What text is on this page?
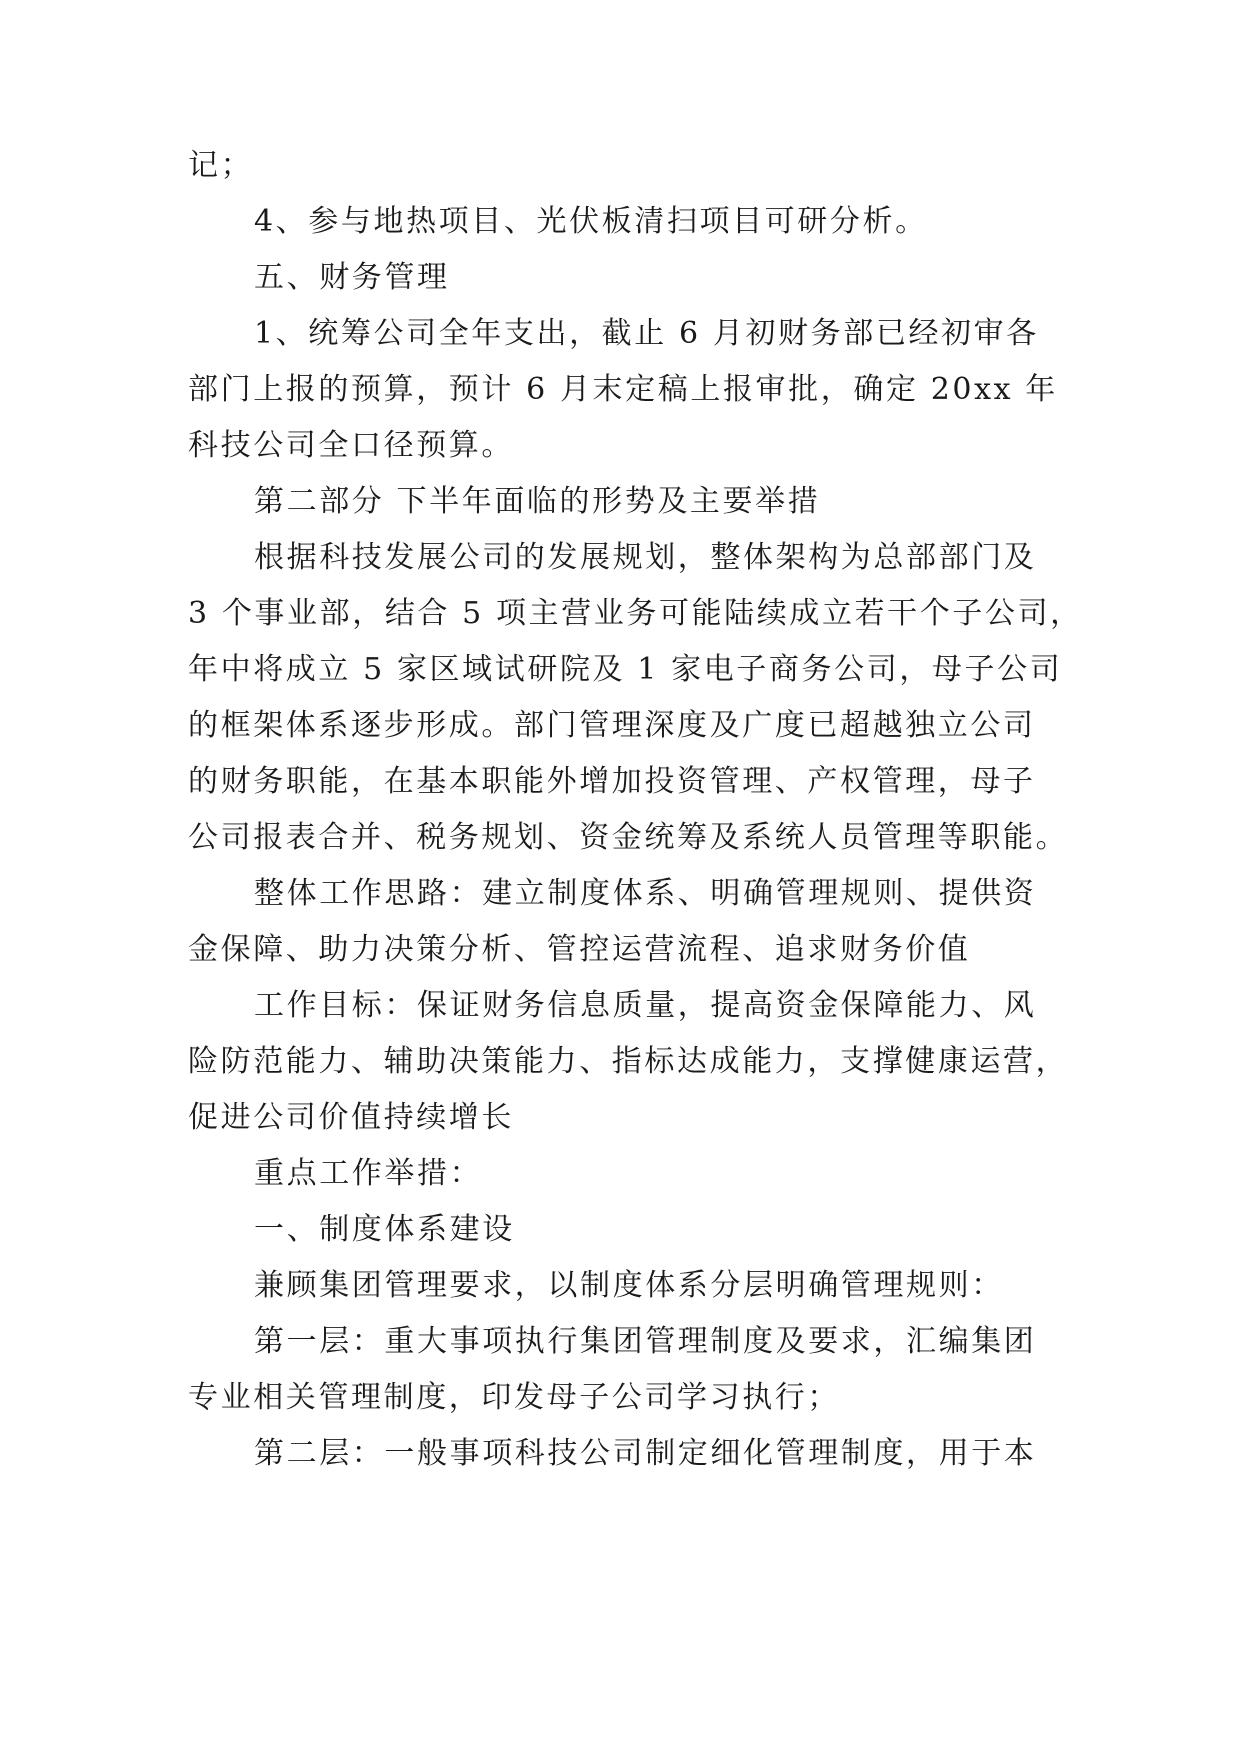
记；
4、参与地热项目、光伏板清扫项目可研分析。
五、财务管理
1、统筹公司全年支出，截止 6 月初财务部已经初审各
部门上报的预算，预计 6 月末定稿上报审批，确定 20xx 年
科技公司全口径预算。
第二部分 下半年面临的形势及主要举措
根据科技发展公司的发展规划，整体架构为总部部门及
3 个事业部，结合 5 项主营业务可能陆续成立若干个子公司，
年中将成立 5 家区域试研院及 1 家电子商务公司，母子公司
的框架体系逐步形成。部门管理深度及广度已超越独立公司
的财务职能，在基本职能外增加投资管理、产权管理，母子
公司报表合并、税务规划、资金统筹及系统人员管理等职能。
整体工作思路：建立制度体系、明确管理规则、提供资
金保障、助力决策分析、管控运营流程、追求财务价值
工作目标：保证财务信息质量，提高资金保障能力、风
险防范能力、辅助决策能力、指标达成能力，支撑健康运营，
促进公司价值持续增长
重点工作举措：
一、制度体系建设
兼顾集团管理要求，以制度体系分层明确管理规则：
第一层：重大事项执行集团管理制度及要求，汇编集团
专业相关管理制度，印发母子公司学习执行；
第二层：一般事项科技公司制定细化管理制度，用于本
